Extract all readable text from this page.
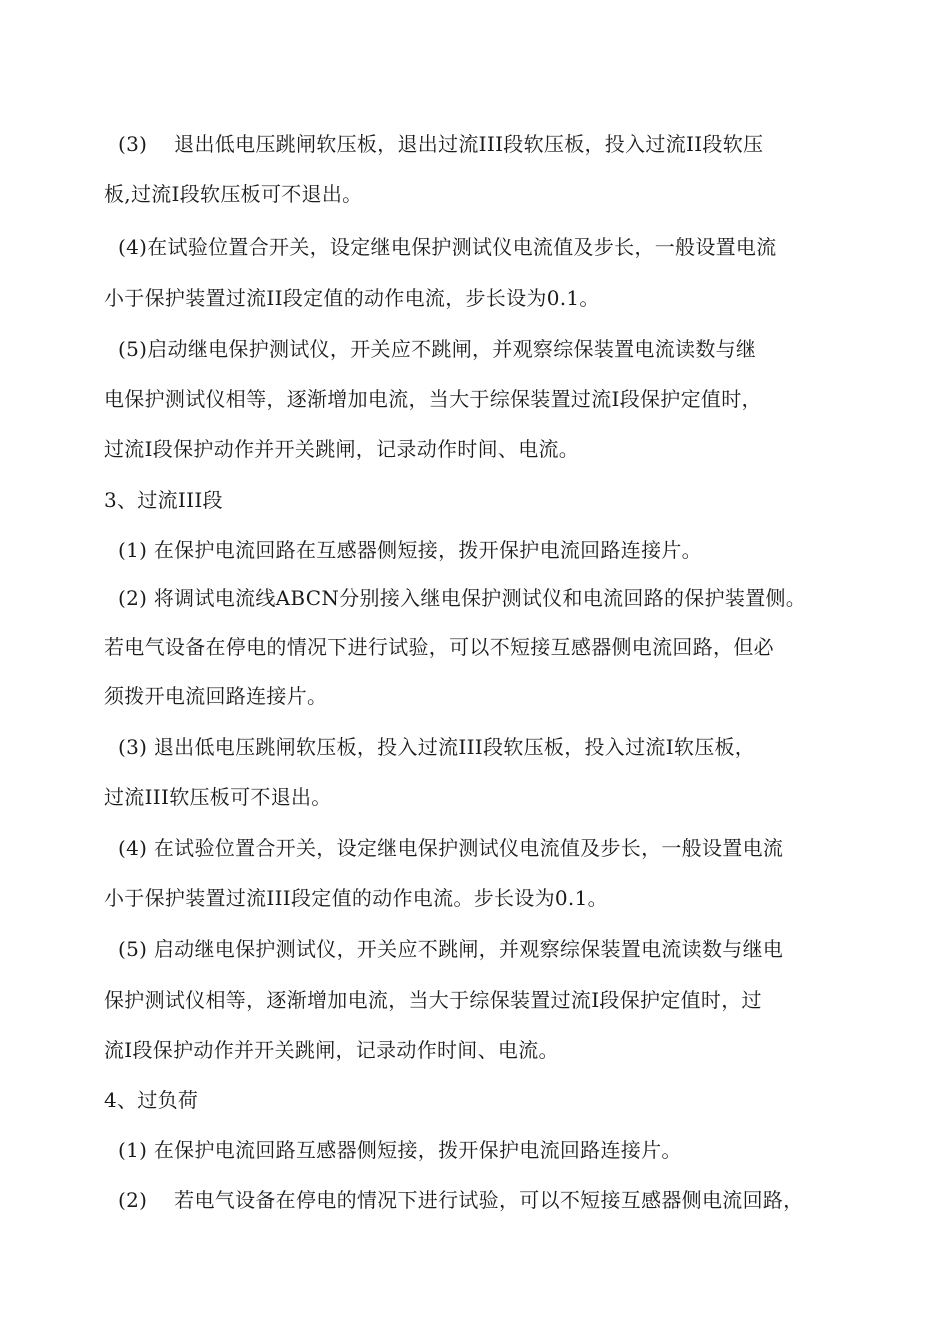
(3)　 退出低电压跳闸软压板，退出过流III段软压板，投入过流II段软压
板,过流I段软压板可不退出。
(4)在试验位置合开关，设定继电保护测试仪电流值及步长，一般设置电流
小于保护装置过流II段定值的动作电流，步长设为0.1。
(5)启动继电保护测试仪，开关应不跳闸，并观察综保装置电流读数与继
电保护测试仪相等，逐渐增加电流，当大于综保装置过流I段保护定值时，
过流I段保护动作并开关跳闸，记录动作时间、电流。
3、过流III段
(1) 在保护电流回路在互感器侧短接，拨开保护电流回路连接片。
(2) 将调试电流线ABCN分别接入继电保护测试仪和电流回路的保护装置侧。
若电气设备在停电的情况下进行试验，可以不短接互感器侧电流回路，但必
须拨开电流回路连接片。
(3) 退出低电压跳闸软压板，投入过流III段软压板，投入过流I软压板，
过流III软压板可不退出。
(4) 在试验位置合开关，设定继电保护测试仪电流值及步长，一般设置电流
小于保护装置过流III段定值的动作电流。步长设为0.1。
(5) 启动继电保护测试仪，开关应不跳闸，并观察综保装置电流读数与继电
保护测试仪相等，逐渐增加电流，当大于综保装置过流I段保护定值时，过
流I段保护动作并开关跳闸，记录动作时间、电流。
4、过负荷
(1) 在保护电流回路互感器侧短接，拨开保护电流回路连接片。
(2)　 若电气设备在停电的情况下进行试验，可以不短接互感器侧电流回路，
